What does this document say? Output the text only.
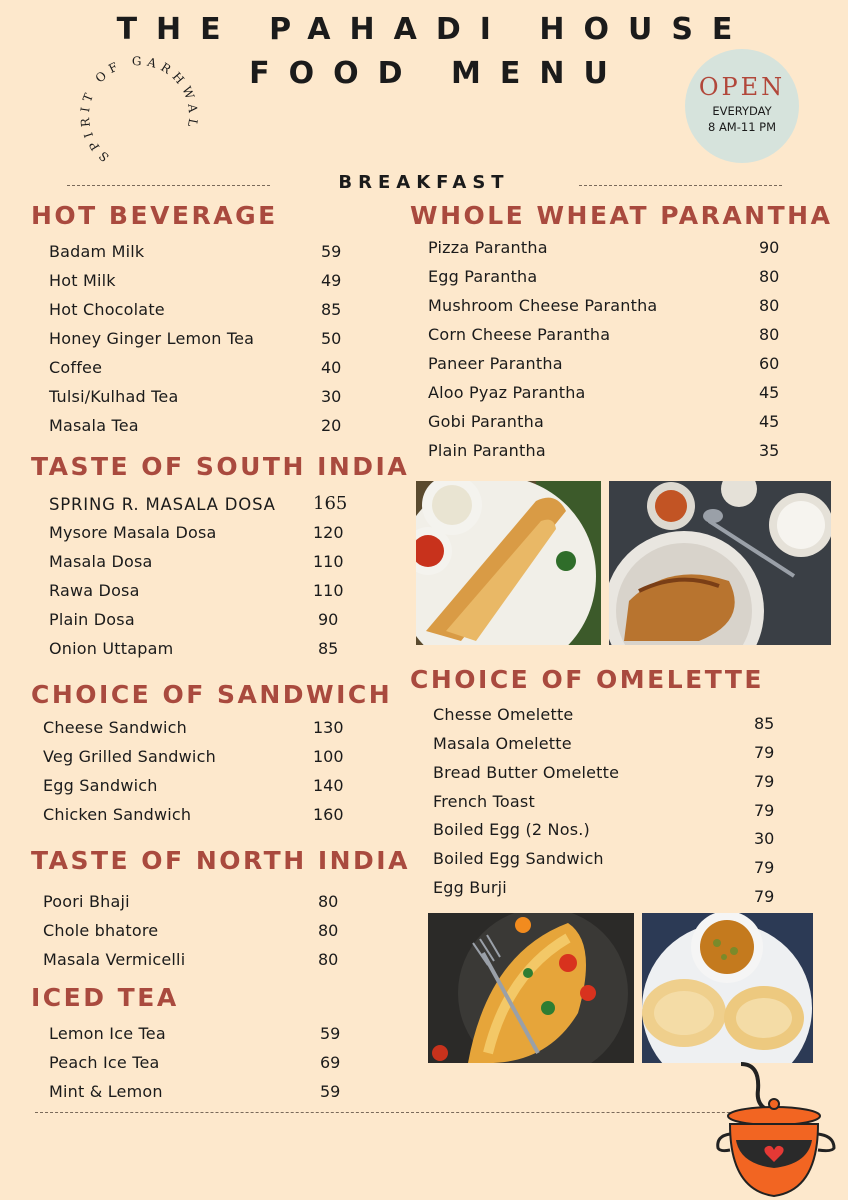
THE PAHADI HOUSE
FOOD MENU
SPIRIT OF GARHWAL
OPEN
EVERYDAY
8 AM-11 PM
BREAKFAST
HOT BEVERAGE
Badam Milk	59
Hot Milk	49
Hot Chocolate	85
Honey Ginger Lemon Tea	50
Coffee	40
Tulsi/Kulhad Tea	30
Masala Tea	20
WHOLE WHEAT PARANTHA
Pizza Parantha	90
Egg Parantha	80
Mushroom Cheese Parantha	80
Corn Cheese Parantha	80
Paneer Parantha	60
Aloo Pyaz Parantha	45
Gobi Parantha	45
Plain Parantha	35
TASTE OF SOUTH INDIA
SPRING R. MASALA DOSA 165
Mysore Masala Dosa	120
Masala Dosa	110
Rawa Dosa	110
Plain Dosa	90
Onion Uttapam	85
CHOICE OF SANDWICH
Cheese Sandwich	130
Veg Grilled Sandwich	100
Egg Sandwich	140
Chicken Sandwich	160
CHOICE OF OMELETTE
Chesse Omelette	85
Masala Omelette	79
Bread Butter Omelette	79
French Toast	79
Boiled Egg (2 Nos.)	30
Boiled Egg Sandwich	79
Egg Burji	79
TASTE OF NORTH INDIA
Poori Bhaji	80
Chole bhatore	80
Masala Vermicelli	80
ICED TEA
Lemon Ice Tea	59
Peach Ice Tea	69
Mint & Lemon	59
